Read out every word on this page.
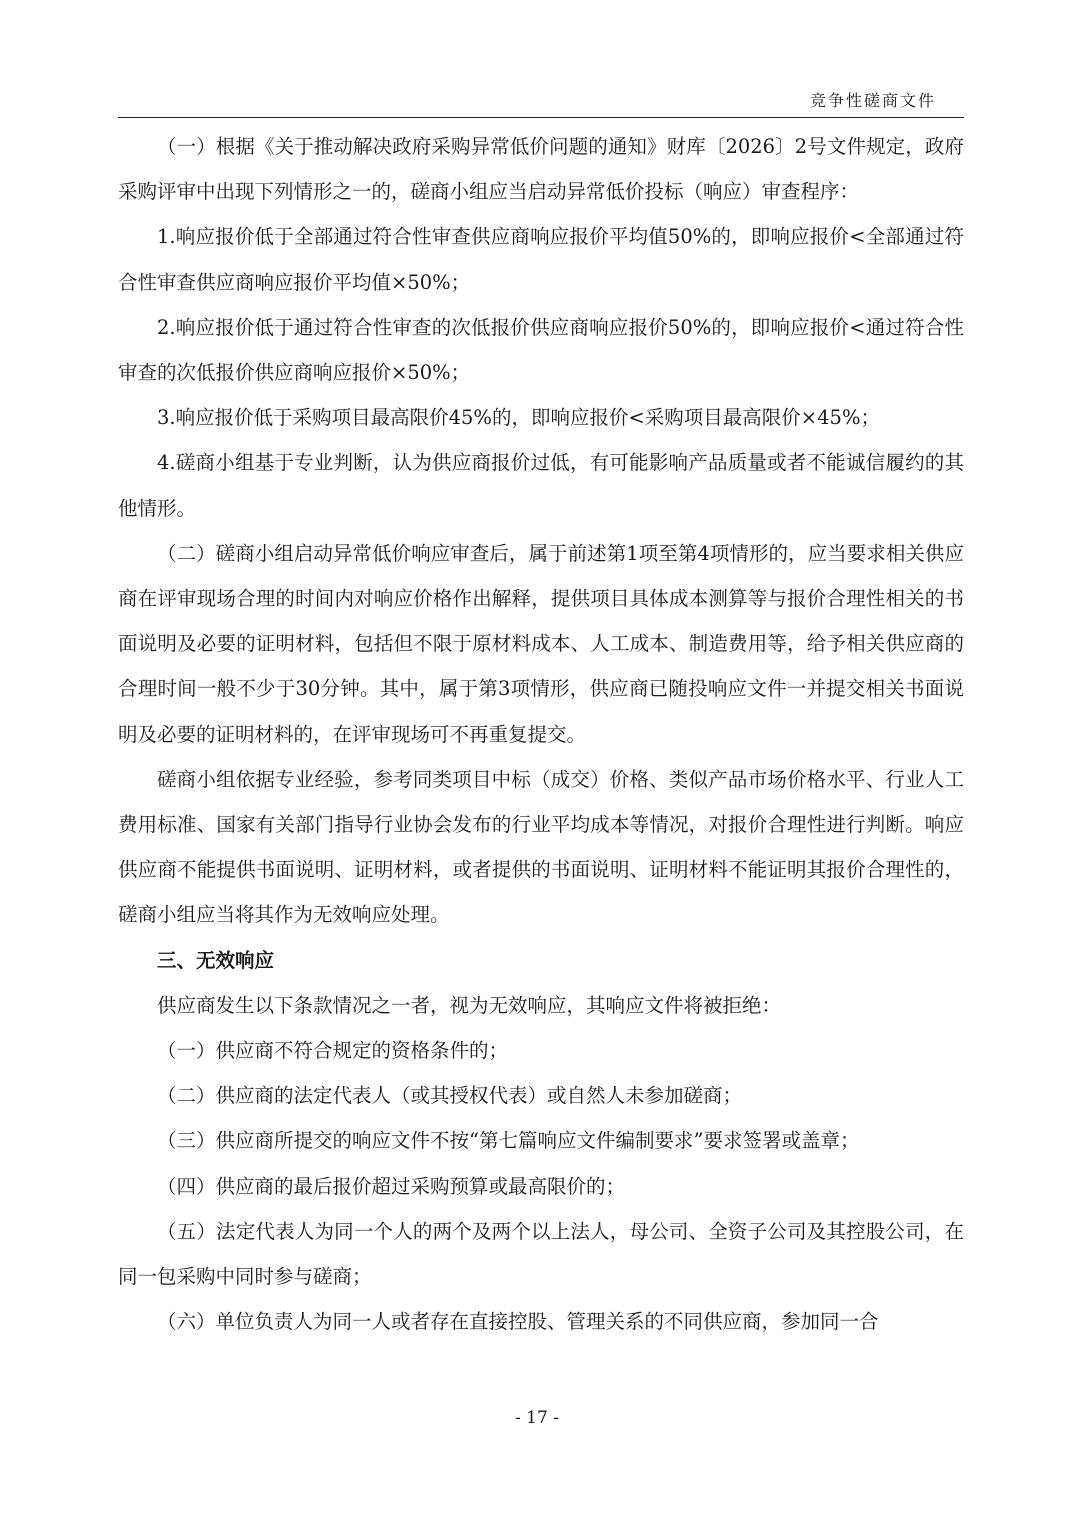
竞争性磋商文件

（一）根据《关于推动解决政府采购异常低价问题的通知》财库〔2026〕2号文件规定，政府采购评审中出现下列情形之一的，磋商小组应当启动异常低价投标（响应）审查程序：

1.响应报价低于全部通过符合性审查供应商响应报价平均值50%的，即响应报价<全部通过符合性审查供应商响应报价平均值×50%；

2.响应报价低于通过符合性审查的次低报价供应商响应报价50%的，即响应报价<通过符合性审查的次低报价供应商响应报价×50%；

3.响应报价低于采购项目最高限价45%的，即响应报价<采购项目最高限价×45%；

4.磋商小组基于专业判断，认为供应商报价过低，有可能影响产品质量或者不能诚信履约的其他情形。

（二）磋商小组启动异常低价响应审查后，属于前述第1项至第4项情形的，应当要求相关供应商在评审现场合理的时间内对响应价格作出解释，提供项目具体成本测算等与报价合理性相关的书面说明及必要的证明材料，包括但不限于原材料成本、人工成本、制造费用等，给予相关供应商的合理时间一般不少于30分钟。其中，属于第3项情形，供应商已随投响应文件一并提交相关书面说明及必要的证明材料的，在评审现场可不再重复提交。

磋商小组依据专业经验，参考同类项目中标（成交）价格、类似产品市场价格水平、行业人工费用标准、国家有关部门指导行业协会发布的行业平均成本等情况，对报价合理性进行判断。响应供应商不能提供书面说明、证明材料，或者提供的书面说明、证明材料不能证明其报价合理性的，磋商小组应当将其作为无效响应处理。

三、无效响应

供应商发生以下条款情况之一者，视为无效响应，其响应文件将被拒绝：

（一）供应商不符合规定的资格条件的；

（二）供应商的法定代表人（或其授权代表）或自然人未参加磋商；

（三）供应商所提交的响应文件不按“第七篇响应文件编制要求”要求签署或盖章；

（四）供应商的最后报价超过采购预算或最高限价的；

（五）法定代表人为同一个人的两个及两个以上法人，母公司、全资子公司及其控股公司，在同一包采购中同时参与磋商；

（六）单位负责人为同一人或者存在直接控股、管理关系的不同供应商，参加同一合

- 17 -
